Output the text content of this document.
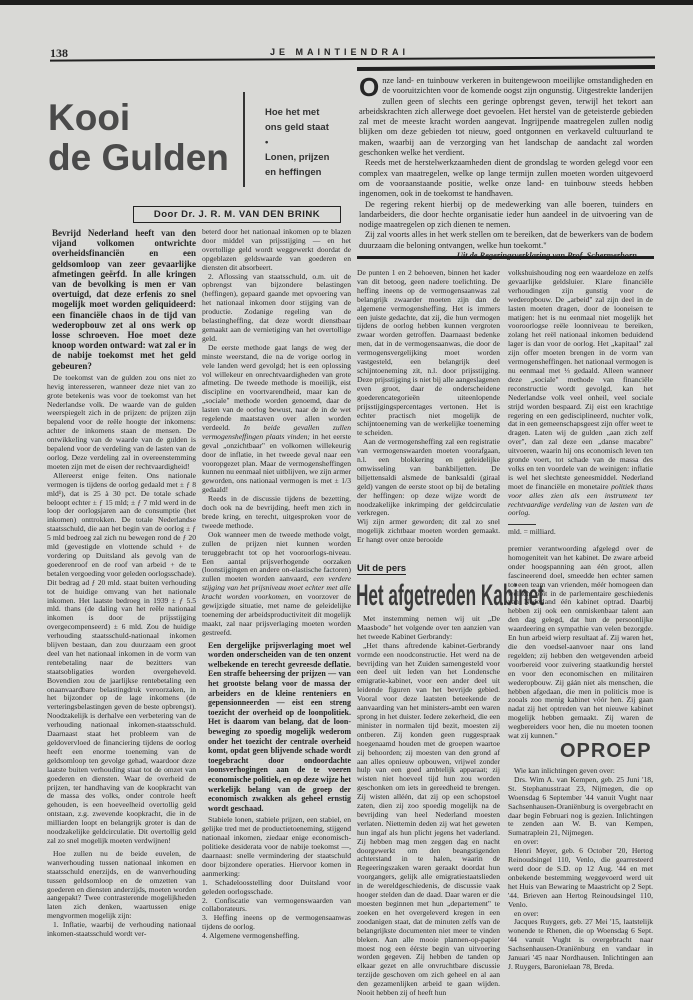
138	JE MAINTIENDRAI
Kooi
de Gulden
Hoe het met
ons geld staat
•
Lonen, prijzen
en heffingen
Door Dr. J. R. M. VAN DEN BRINK

Bevrijd Nederland heeft van den vijand volkomen ontwrichte overheidsfinanciën en een geldsomloop van zeer gevaarlijke afmetingen geërfd. In alle kringen van de bevolking is men er van overtuigd, dat deze erfenis zo snel mogelijk moet worden geliquideerd: een financiële chaos in de tijd van wederopbouw zet al ons werk op losse schroeven. Hoe moet deze knoop worden ontward: wat zal er in de nabije toekomst met het geld gebeuren?

De toekomst van de gulden zou ons niet zo hevig interesseren, wanneer deze niet van zo grote betekenis was voor de toekomst van het Nederlandse volk. De waarde van de gulden weerspiegelt zich in de prijzen: de prijzen zijn bepalend voor de reële hoogte der inkomens: achter de inkomens staan de mensen. De ontwikkeling van de waarde van de gulden is bepalend voor de verdeling van de lasten van de oorlog. Deze verdeling zal in overeenstemming moeten zijn met de eisen der rechtvaardigheid!

Allereerst enige feiten. Ons nationale vermogen is tijdens de oorlog gedaald met ± ƒ 8 mld¹), dat is 25 à 30 pct. De totale schade beloopt echter ± ƒ 15 mld; ± ƒ 7 mld werd in de loop der oorlogsjaren aan de consumptie (het inkomen) onttrokken. De totale Nederlandse staatsschuld, die aan het begin van de oorlog ± ƒ 5 mld bedroeg zal zich nu bewegen rond de ƒ 20 mld (gevestigde en vlottende schuld + de vordering op Duitsland als gevolg van de goederenroof en de roof van arbeid + de te betalen vergoeding voor geleden oorlogsschade). Dit bedrag ad ƒ 20 mld. staat buiten verhouding tot de huidige omvang van het nationale inkomen. Het laatste bedroeg in 1939 ± ƒ 5.5 mld. thans (de daling van het reële nationaal inkomen is door de prijsstijging overgecompenseerd) ± 6 mld. Zou de huidige verhouding staatsschuld-nationaal inkomen blijven bestaan, dan zou duurzaam een groot deel van het nationaal inkomen in de vorm van rentebetaling naar de bezitters van staatsobligaties worden overgeheveld. Bovendien zou de jaarlijkse rentebetaling een onaanvaardbare belastingdruk veroorzaken, in het bijzonder op de lage inkomens (de verteringsbelastingen geven de beste opbrengst). Noodzakelijk is derhalve een verbetering van de verhouding nationaal inkomen-staatsschuld. Daarnaast staat het probleem van de geldovervloed de financiering tijdens de oorlog heeft een enorme toeneming van de geldsomloop ten gevolge gehad, waardoor deze laatste buiten verhouding staat tot de omzet van goederen en diensten. Waar de overheid de prijzen, ter handhaving van de koopkracht van de massa des volks, onder controle heeft gehouden, is een hoeveelheid overtollig geld ontstaan, z.g. zwevende koopkracht, die in de milliarden loopt en belangrijk groter is dan de noodzakelijke geldcirculatie. Dit overtollig geld zal zo snel mogelijk moeten verdwijnen!

Hoe zullen nu de beide euvelen, de wanverhouding tussen nationaal inkomen en staatsschuld enerzijds, en de wanverhouding tussen geldsomloop en de omzetten van goederen en diensten anderzijds, moeten worden aangepakt? Twee contrasterende mogelijkheden laten zich denken, waartussen enige mengvormen mogelijk zijn:

1. Inflatie, waarbij de verhouding nationaal inkomen-staatsschuld wordt ver-

beterd door het nationaal inkomen op te blazen door middel van prijsstijging — en het overtollige geld wordt weggewerkt doordat de opgeblazen geldswaarde van goederen en diensten dit absorbeert.

2. Aflossing van staatsschuld, o.m. uit de opbrengst van bijzondere belastingen (heffingen), gepaard gaande met opvoering van het nationaal inkomen door stijging van de productie. Zodanige regeling van de belastingheffing, dat deze wordt dienstbaar gemaakt aan de vernietiging van het overtollige geld.

De eerste methode gaat langs de weg der minste weerstand, die na de vorige oorlog in vele landen werd gevolgd; het is een oplossing vol willekeur en onrechtvaardigheden van grote afmeting. De tweede methode is moeilijk, eist discipline en voortvarendheid, maar kan de „sociale" methode worden genoemd, daar de lasten van de oorlog bewust, naar de in de wet regelende maatstaven over allen worden verdeeld. In beide gevallen zullen vermogensheffingen plaats vinden; in het eerste geval „onzichtbaar" en volkomen willekeurig door de inflatie, in het tweede geval naar een vooropgezet plan. Maar de vermogensheffingen kunnen nu eenmaal niet uitblijven, we zijn armer geworden, ons nationaal vermogen is met ± 1/3 gedaald!

Reeds in de discussie tijdens de bezetting, doch ook na de bevrijding, heeft men zich in brede kring, en terecht, uitgesproken voor de tweede methode.

Ook wanneer men de tweede methode volgt, zullen de prijzen niet kunnen worden teruggebracht tot op het vooroorlogs-niveau. Een aantal prijsverhogende oorzaken (loonstijgingen en andere on-elastische factoren) zullen moeten worden aanvaard, een verdere stijging van het prijsniveau moet echter met alle kracht worden voorkomen, en voorzover de gewijzigde situatie, met name de geleidelijke toeneming der arbeidsproductiviteit dit mogelijk maakt, zal naar prijsverlaging moeten worden gestreefd.

Een dergelijke prijsverlaging moet wel worden onderscheiden van de ten onzent welbekende en terecht gevreesde deflatie. Een straffe beheersing der prijzen — van het grootste belang voor de massa der arbeiders en de kleine renteniers en gepensionneerden — eist een streng toezicht der overheid op de loonpolitiek. Het is daarom van belang, dat de loon-beweging zo spoedig mogelijk wederom onder het toezicht der centrale overheid komt, opdat geen blijvende schade wordt toegebracht door ondoordachte loonsverhogingen aan de te voeren economische politiek, en op deze wijze het werkelijk belang van de groep der economisch zwakken als geheel ernstig wordt geschaad.

Stabiele lonen, stabiele prijzen, een stabiel, en gelijke tred met de productietoeneming, stijgend nationaal inkomen, ziedaar enige economisch-politieke desiderata voor de nabije toekomst —, daarnaast: snelle vermindering der staatschuld door bijzondere operaties. Hiervoor komen in aanmerking:

1. Schadeloosstelling door Duitsland voor geleden oorlogsschade.
2. Confiscatie van vermogenswaarden van collaborateurs.
3. Heffing ineens op de vermogensaanwas tijdens de oorlog.
4. Algemene vermogensheffing.

Onze land- en tuinbouw verkeren in buitengewoon moeilijke omstandigheden en de vooruitzichten voor de komende oogst zijn ongunstig. Uitgestrekte landerijen zullen geen of slechts een geringe opbrengst geven, terwijl het tekort aan arbeidskrachten zich allerwege doet gevoelen. Het herstel van de geteisterde gebieden zal met de meeste kracht worden aangevat. Ingrijpende maatregelen zullen nodig blijken om deze gebieden tot nieuw, goed ontgonnen en verkaveld cultuurland te maken, waarbij aan de verzorging van het landschap de aandacht zal worden geschonken welke het verdient.

Reeds met de herstelwerkzaamheden dient de grondslag te worden gelegd voor een complex van maatregelen, welke op lange termijn zullen moeten worden uitgevoerd om de vooraanstaande positie, welke onze land- en tuinbouw steeds hebben ingenomen, ook in de toekomst te handhaven.

De regering rekent hierbij op de medewerking van alle boeren, tuinders en landarbeiders, die door hechte organisatie ieder hun aandeel in de uitvoering van de nodige maatregelen op zich dienen te nemen.

Zij zal voorts alles in het werk stellen om te bereiken, dat de bewerkers van de bodem duurzaam die beloning ontvangen, welke hun toekomt."

De punten 1 en 2 behoeven, binnen het kader van dit betoog, geen nadere toelichting. De heffing ineens op de vermogensaanwas zal belangrijk zwaarder moeten zijn dan de algemene vermogensheffing. Het is immers een juiste gedachte, dat zij, die hun vermogen tijdens de oorlog hebben kunnen vergroten zwaar worden getroffen. Daarnaast bedenke men, dat in de vermogensaanwas, die door de vermogensvergelijking moet worden vastgesteld, een belangrijk deel schijntoeneming zit, n.l. door prijsstijging. Deze prijsstijging is niet bij alle aangeslagenen even groot, daar de onderscheidene goederencategorieën uiteenlopende prijsstijgingspercentages vertonen. Het is echter practisch niet mogelijk de schijntoeneming van de werkelijke toeneming te scheiden.

Aan de vermogensheffing zal een registratie van vermogenswaarden moeten voorafgaan, n.l. een blokkering en geleidelijke omwisseling van bankbiljetten. De biljettensaldi alsmede de banksaldi (giraal geld) vangen de eerste stoot op bij de betaling der heffingen: op deze wijze wordt de noodzakelijke inkrimping der geldcirculatie verkregen.

Wij zijn armer geworden; dit zal zo snel mogelijk zichtbaar moeten worden gemaakt. Er hangt over onze berooide

volkshuishouding nog een waardeloze en zelfs gevaarlijke geldsluier. Klare financiële verhoudingen zijn gunstig voor de wederopbouw. De „arbeid" zal zijn deel in de lasten moeten dragen, door de looneisen te matigen: het is nu eenmaal niet mogelijk het vooroorlogse reële loonniveau te bereiken, zolang het reël nationaal inkomen beduidend lager is dan voor de oorlog. Het „kapitaal" zal zijn offer moeten brengen in de vorm van vermogensheffingen. het nationaal vermogen is nu eenmaal met ⅓ gedaald. Alleen wanneer deze „sociale" methode van financiële reconstructie wordt gevolgd, kan het Nederlandse volk veel onheil, veel sociale strijd worden bespaard. Zij eist een krachtige regering en een gedisciplineerd, nuchter volk, dat in een gemeenschapsgeest zijn offer weet te dragen. Laten wij de gulden „aan zich zelf over", dan zal deze een „danse macabre" uitvoeren, waarin hij ons economisch leven ten gronde voert, tot schade van de massa des volks en ten voordele van de weinigen: inflatie is wel het slechtste geneesmiddel. Nederland moet de financiële en monetaire politiek thans voor alles zien als een instrument ter rechtvaardige verdeling van de lasten van de oorlog.

mld. = milliard.
Uit de pers
Het afgetreden Kabinet

Met instemming nemen wij uit „De Maasbode" het volgende over ten aanzien van het tweede Kabinet Gerbrandy:

„Het thans aftredende kabinet-Gerbrandy vormde een noodconstructie. Het werd na de bevrijding van het Zuiden samengesteld voor een deel uit leden van het Londensche emigratie-kabinet, voor een ander deel uit leidende figuren van het bevrijde gebied. Vooral voor deze laatsten beteekende de aanvaarding van het ministers-ambt een waren sprong in het duister. Iedere zekerheid, die een minister in normalen tijd bezit, moesten zij ontberen. Zij konden geen ruggespraak hoegenaamd houden met de groepen waartoe zij behoorden; zij moesten van den grond af aan alles opnieuw opbouwen, vrijwel zonder hulp van een goed ambtelijk apparaat; zij wisten niet hoeveel tijd hun zou worden geschonken om iets in gereedheid te brengen. Zij wisten alléén, dat zij op een schopstoel zaten, dien zij zoo spoedig mogelijk na de bevrijding van heel Nederland moesten verlaten. Niettemin deden zij wat het geweten hun ingaf als hun plicht jegens het vaderland. Zij hebben mag men zeggen dag en nacht doorgewerkt om den beangstigenden achterstand in te halen, waarin de Regeeringszaken waren geraakt doordat hun voorgangers, gelijk alle emigratiestaatslieden in de wereldgeschiedenis, de discussie vaak hooger stelden dan de daad. Daar waren er die moesten beginnen met hun „departement" te zoeken en het overgeleverd kregen in een zoodanigen staat, dat de minuten zelfs van de belangrijkste documenten niet meer te vinden bleken. Aan alle mooie plannen-op-papier moest nog een éérste begin van uitvoering worden gegeven. Zij hebben de tanden op elkaar gezet en alle onvruchtbare discussie terzijde geschoven om zich geheel en al aan den gezamenlijken arbeid te gaan wijden. Nooit hebben zij of heeft hun

premier verantwoording afgelegd over de homogeniteit van het kabinet. De zware arbeid onder hoogspanning aan één groot, allen fascineerend doel, smeedde hen echter samen tot een team van vrienden, méér homogeen dan wellicht ooit in de parlementaire geschiedenis van Nederland één kabinet optrad. Daarbij hebben zij ook een onmiskenbaar talent aan den dag gelegd, dat hun de persoonlijke waardeering en sympathie van velen bezorgde. En hun arbeid wierp resultaat af. Zij waren het, die den voedsel-aanvoer naar ons land regelden; zij hebben den wetgevenden arbeid voorbereid voor zuivering staatkundig herstel en voor den economischen en militairen wederopbouw. Zij gáán niet als menschen, die hebben afgedaan, die men in politicis moe is zooals zoo menig kabinet vóór hen. Zij gaan nadat zij het optreden van het nieuwe kabinet mogelijk hebben gemaakt. Zij waren de wegbereiders voor hen, die nu moeten toonen wat zij kunnen."

OPROEP

Wie kan inlichtingen geven over:

Drs. Wim A. van Kempen, geb. 25 Juni '18, St. Stephanusstraat 23, Nijmegen, die op Woensdag 6 September '44 vanuit Vught naar Sachsenhausen-Oraniënburg is overgebracht en daar begin Februari nog is gezien. Inlichtingen te zenden aan W. B. van Kempen, Sumatraplein 21, Nijmegen.

en over:

Henri Meyer, geb. 6 October '20, Hertog Reinoudsingel 110, Venlo, die gearresteerd werd door de S.D. op 12 Aug. '44 en met onbekende bestemming weggevoerd werd uit het Huis van Bewaring te Maastricht op 2 Sept. '44. Brieven aan Hertog Reinoudsingel 110, Venlo.

en over:

Jacques Ruygers, geb. 27 Mei '15, laatstelijk wonende te Rhenen, die op Woensdag 6 Sept. '44 vanuit Vught is overgebracht naar Sachsenhausen-Oraniënburg en vandaar in Januari '45 naar Nordhausen. Inlichtingen aan J. Ruygers, Baronielaan 78, Breda.
